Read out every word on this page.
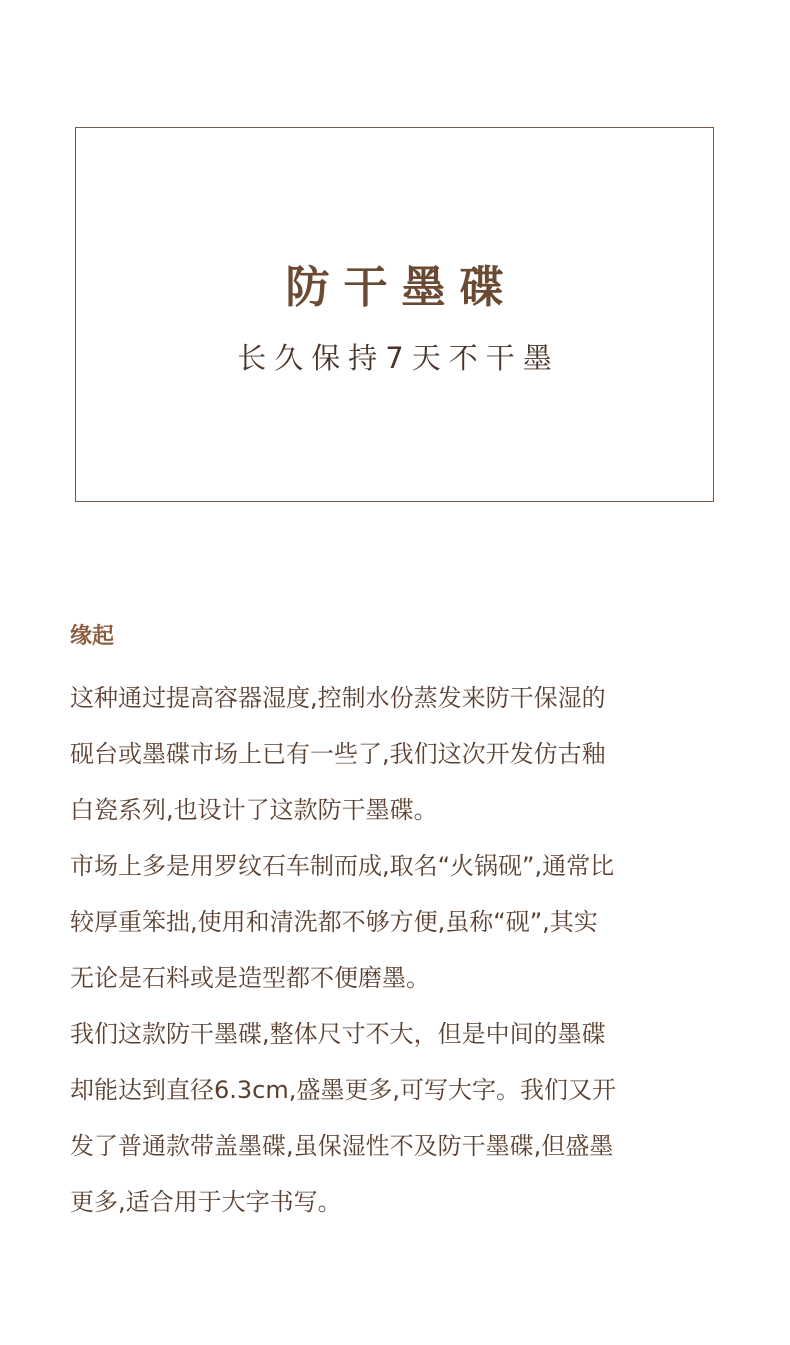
防干墨碟
长久保持7天不干墨
缘起
这种通过提高容器湿度,控制水份蒸发来防干保湿的
砚台或墨碟市场上已有一些了,我们这次开发仿古釉
白瓷系列,也设计了这款防干墨碟。
市场上多是用罗纹石车制而成,取名“火锅砚”,通常比
较厚重笨拙,使用和清洗都不够方便,虽称“砚”,其实
无论是石料或是造型都不便磨墨。
我们这款防干墨碟,整体尺寸不大，但是中间的墨碟
却能达到直径6.3cm,盛墨更多,可写大字。我们又开
发了普通款带盖墨碟,虽保湿性不及防干墨碟,但盛墨
更多,适合用于大字书写。
